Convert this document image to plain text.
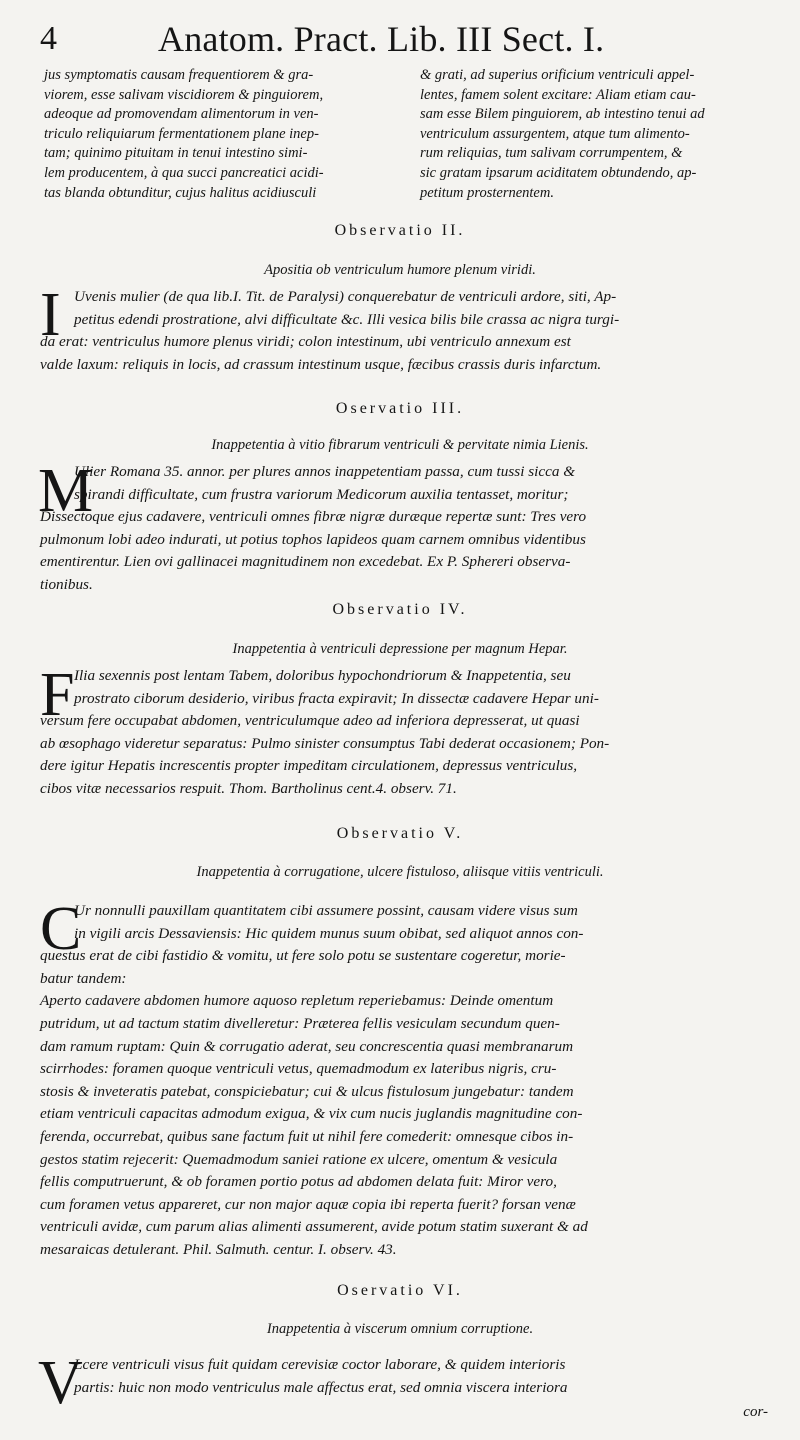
4	Anatom. Pract. Lib. III Sect. I.
jus symptomatis causam frequentiorem & gra-
viorem, esse salivam viscidiorem & pinguiorem,
adeoque ad promovendam alimentorum in ven-
triculo reliquiarum fermentationem plane inep-
tam; quinimo pituitam in tenui intestino simi-
lem producentem, à qua succi pancreatici acidi-
tas blanda obtunditur, cujus halitus acidiusculi
& grati, ad superius orificium ventriculi appel-
lentes, famem solent excitare: Aliam etiam cau-
sam esse Bilem pinguiorem, ab intestino tenui ad
ventriculum assurgentem, atque tum alimento-
rum reliquias, tum salivam corrumpentem, &
sic gratam ipsarum aciditatem obtundendo, ap-
petitum prosternentem.
Observatio II.
Apositia ob ventriculum humore plenum viridi.
I Uvenis mulier (de qua lib.I. Tit. de Paralysi) conquerebatur de ventriculi ardore, siti, Ap-
petitus edendi prostratione, alvi difficultate &c. Illi vesica bilis bile crassa ac nigra turgi-
da erat: ventriculus humore plenus viridi; colon intestinum, ubi ventriculo annexum est
valde laxum: reliquis in locis, ad crassum intestinum usque, fæcibus crassis duris infarctum.
Oservatio III.
Inappetentia à vitio fibrarum ventriculi & pervitate nimia Lienis.
M
Ulier Romana 35. annor. per plures annos inappetentiam passa, cum tussi sicca &
spirandi difficultate, cum frustra variorum Medicorum auxilia tentasset, moritur;
Dissectoque ejus cadavere, ventriculi omnes fibræ nigræ duræque repertæ sunt: Tres vero
pulmonum lobi adeo indurati, ut potius tophos lapideos quam carnem omnibus videntibus
ementirentur. Lien ovi gallinacei magnitudinem non excedebat. Ex P. Sphereri observa-
tionibus.
Observatio IV.
Inappetentia à ventriculi depressione per magnum Hepar.
F Ilia sexennis post lentam Tabem, doloribus hypochondriorum & Inappetentia, seu
prostrato ciborum desiderio, viribus fracta expiravit; In dissectæ cadavere Hepar uni-
versum fere occupabat abdomen, ventriculumque adeo ad inferiora depresserat, ut quasi
ab œsophago videretur separatus: Pulmo sinister consumptus Tabi dederat occasionem; Pon-
dere igitur Hepatis increscentis propter impeditam circulationem, depressus ventriculus,
cibos vitæ necessarios respuit. Thom. Bartholinus cent.4. observ. 71.
Observatio V.
Inappetentia à corrugatione, ulcere fistuloso, aliisque vitiis ventriculi.
C
Ur nonnulli pauxillam quantitatem cibi assumere possint, causam videre visus sum
in vigili arcis Dessaviensis: Hic quidem munus suum obibat, sed aliquot annos con-
questus erat de cibi fastidio & vomitu, ut fere solo potu se sustentare cogeretur, morie-
batur tandem:
Aperto cadavere abdomen humore aquoso repletum reperiebamus: Deinde omentum
putridum, ut ad tactum statim divelleretur: Præterea fellis vesiculam secundum quen-
dam ramum ruptam: Quin & corrugatio aderat, seu concrescentia quasi membranarum
scirrhodes: foramen quoque ventriculi vetus, quemadmodum ex lateribus nigris, cru-
stosis & inveteratis patebat, conspiciebatur; cui & ulcus fistulosum jungebatur: tandem
etiam ventriculi capacitas admodum exigua, & vix cum nucis juglandis magnitudine con-
ferenda, occurrebat, quibus sane factum fuit ut nihil fere comederit: omnesque cibos in-
gestos statim rejecerit: Quemadmodum saniei ratione ex ulcere, omentum & vesicula
fellis computruerunt, & ob foramen portio potus ad abdomen delata fuit: Miror vero,
cum foramen vetus appareret, cur non major aquæ copia ibi reperta fuerit? forsan venæ
ventriculi avidæ, cum parum alias alimenti assumerent, avide potum statim suxerant & ad
mesaraicas detulerant. Phil. Salmuth. centur. I. observ. 43.
Oservatio VI.
Inappetentia à viscerum omnium corruptione.
V
Lcere ventriculi visus fuit quidam cerevisiæ coctor laborare, & quidem interioris
partis: huic non modo ventriculus male affectus erat, sed omnia viscera interiora
cor-
